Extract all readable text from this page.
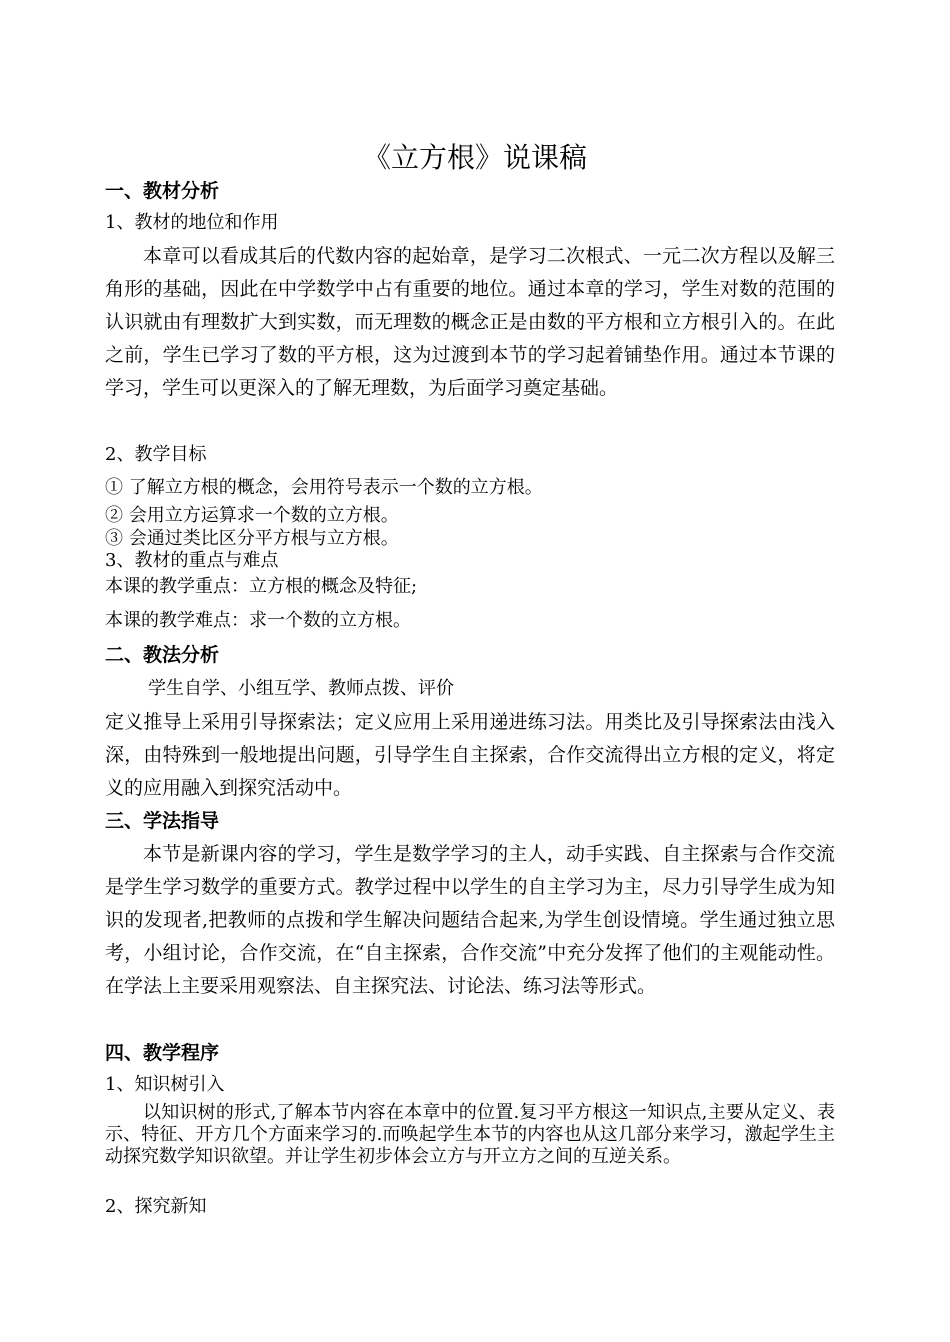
《立方根》说课稿
一、教材分析
1、教材的地位和作用
本章可以看成其后的代数内容的起始章，是学习二次根式、一元二次方程以及解三角形的基础，因此在中学数学中占有重要的地位。通过本章的学习，学生对数的范围的认识就由有理数扩大到实数，而无理数的概念正是由数的平方根和立方根引入的。在此之前，学生已学习了数的平方根，这为过渡到本节的学习起着铺垫作用。通过本节课的学习，学生可以更深入的了解无理数，为后面学习奠定基础。
2、教学目标
① 了解立方根的概念，会用符号表示一个数的立方根。
② 会用立方运算求一个数的立方根。
③ 会通过类比区分平方根与立方根。
3、教材的重点与难点
本课的教学重点：立方根的概念及特征;
本课的教学难点：求一个数的立方根。
二、教法分析
学生自学、小组互学、教师点拨、评价
定义推导上采用引导探索法；定义应用上采用递进练习法。用类比及引导探索法由浅入深，由特殊到一般地提出问题，引导学生自主探索，合作交流得出立方根的定义，将定义的应用融入到探究活动中。
三、学法指导
本节是新课内容的学习，学生是数学学习的主人，动手实践、自主探索与合作交流是学生学习数学的重要方式。教学过程中以学生的自主学习为主，尽力引导学生成为知识的发现者,把教师的点拨和学生解决问题结合起来,为学生创设情境。学生通过独立思考，小组讨论，合作交流，在“自主探索，合作交流”中充分发挥了他们的主观能动性。在学法上主要采用观察法、自主探究法、讨论法、练习法等形式。
四、教学程序
1、知识树引入
以知识树的形式,了解本节内容在本章中的位置.复习平方根这一知识点,主要从定义、表示、特征、开方几个方面来学习的.而唤起学生本节的内容也从这几部分来学习，激起学生主动探究数学知识欲望。并让学生初步体会立方与开立方之间的互逆关系。
2、探究新知
